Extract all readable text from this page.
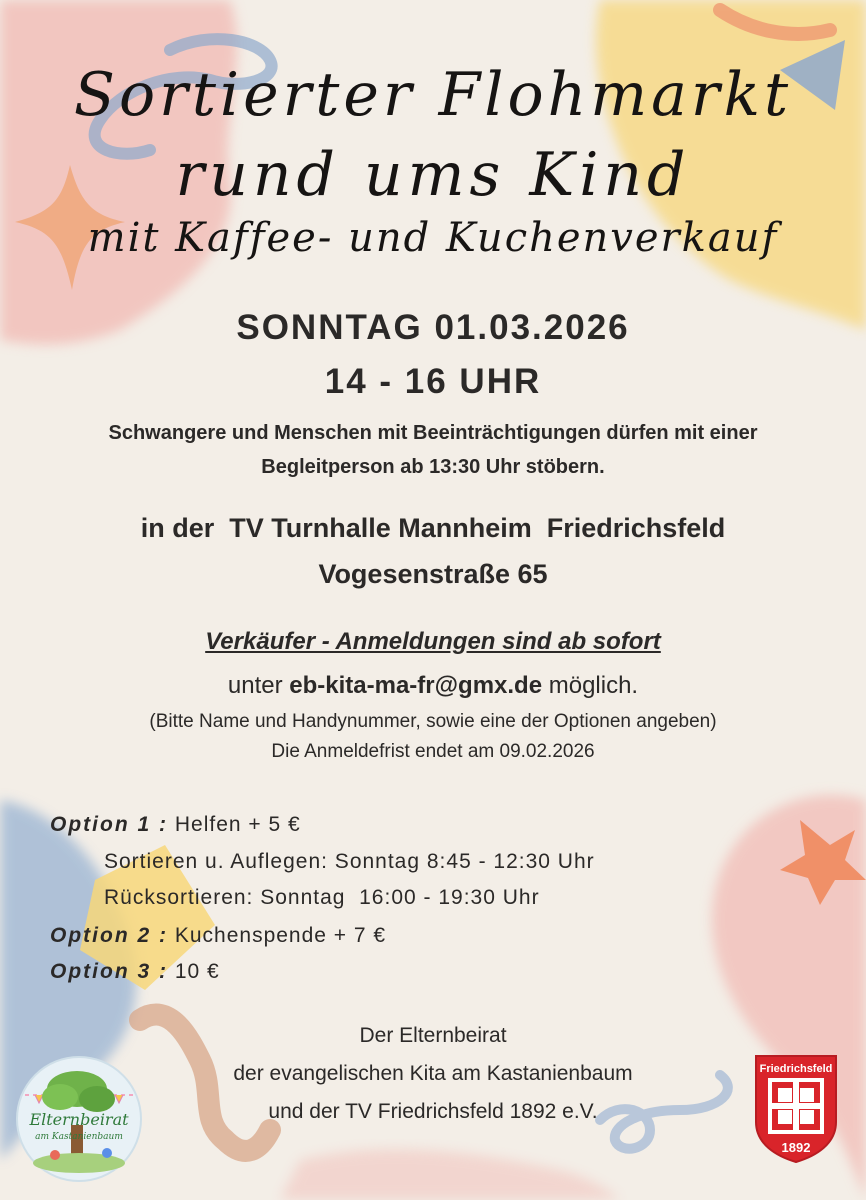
Sortierter Flohmarkt
rund ums Kind
mit Kaffee- und Kuchenverkauf
SONNTAG 01.03.2026
14 - 16 UHR
Schwangere und Menschen mit Beeinträchtigungen dürfen mit einer
Begleitperson ab 13:30 Uhr stöbern.
in der  TV Turnhalle Mannheim  Friedrichsfeld
Vogesenstraße 65
Verkäufer - Anmeldungen sind ab sofort
unter eb-kita-ma-fr@gmx.de möglich.
(Bitte Name und Handynummer, sowie eine der Optionen angeben)
Die Anmeldefrist endet am 09.02.2026
Option 1 : Helfen + 5 €
Sortieren u. Auflegen: Sonntag 8:45 - 12:30 Uhr
Rücksortieren: Sonntag  16:00 - 19:30 Uhr
Option 2 : Kuchenspende + 7 €
Option 3 : 10 €
Der Elternbeirat
der evangelischen Kita am Kastanienbaum
und der TV Friedrichsfeld 1892 e.V.
Elternbeirat
am Kastanienbaum
Friedrichsfeld
1892
